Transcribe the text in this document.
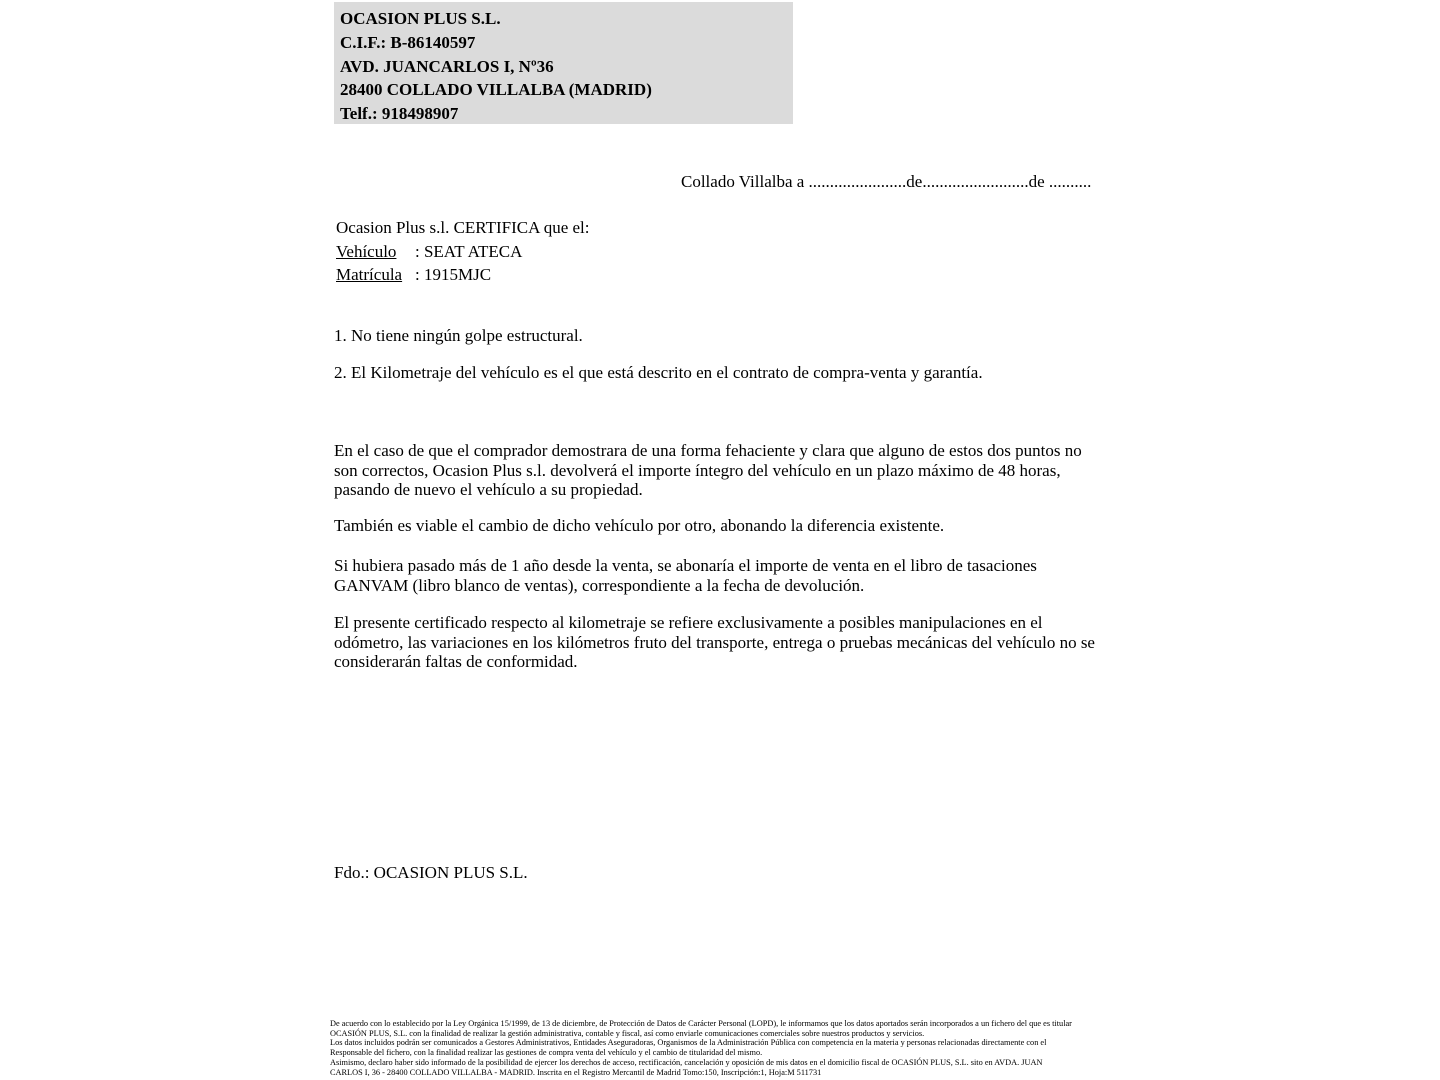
OCASION PLUS S.L.
C.I.F.: B-86140597
AVD. JUANCARLOS I, Nº36
28400 COLLADO VILLALBA (MADRID)
Telf.: 918498907
Collado Villalba a .......................de.........................de ..........
Ocasion Plus s.l. CERTIFICA que el:
Vehículo : SEAT ATECA
Matrícula : 1915MJC
1. No tiene ningún golpe estructural.
2. El Kilometraje del vehículo es el que está descrito en el contrato de compra-venta y garantía.
En el caso de que el comprador demostrara de una forma fehaciente y clara que alguno de estos dos puntos no son correctos, Ocasion Plus s.l. devolverá el importe íntegro del vehículo en un plazo máximo de 48 horas, pasando de nuevo el vehículo a su propiedad.
También es viable el cambio de dicho vehículo por otro, abonando la diferencia existente.
Si hubiera pasado más de 1 año desde la venta, se abonaría el importe de venta en el libro de tasaciones GANVAM (libro blanco de ventas), correspondiente a la fecha de devolución.
El presente certificado respecto al kilometraje se refiere exclusivamente a posibles manipulaciones en el odómetro, las variaciones en los kilómetros fruto del transporte, entrega o pruebas mecánicas del vehículo no se considerarán faltas de conformidad.
Fdo.: OCASION PLUS S.L.
De acuerdo con lo establecido por la Ley Orgánica 15/1999, de 13 de diciembre, de Protección de Datos de Carácter Personal (LOPD), le informamos que los datos aportados serán incorporados a un fichero del que es titular
OCASIÓN PLUS, S.L. con la finalidad de realizar la gestión administrativa, contable y fiscal, así como enviarle comunicaciones comerciales sobre nuestros productos y servicios.
Los datos incluidos podrán ser comunicados a Gestores Administrativos, Entidades Aseguradoras, Organismos de la Administración Pública con competencia en la materia y personas relacionadas directamente con el
Responsable del fichero, con la finalidad realizar las gestiones de compra venta del vehículo y el cambio de titularidad del mismo.
Asimismo, declaro haber sido informado de la posibilidad de ejercer los derechos de acceso, rectificación, cancelación y oposición de mis datos en el domicilio fiscal de OCASIÓN PLUS, S.L. sito en AVDA. JUAN
CARLOS I, 36 - 28400 COLLADO VILLALBA - MADRID. Inscrita en el Registro Mercantil de Madrid Tomo:150, Inscripción:1, Hoja:M 511731
